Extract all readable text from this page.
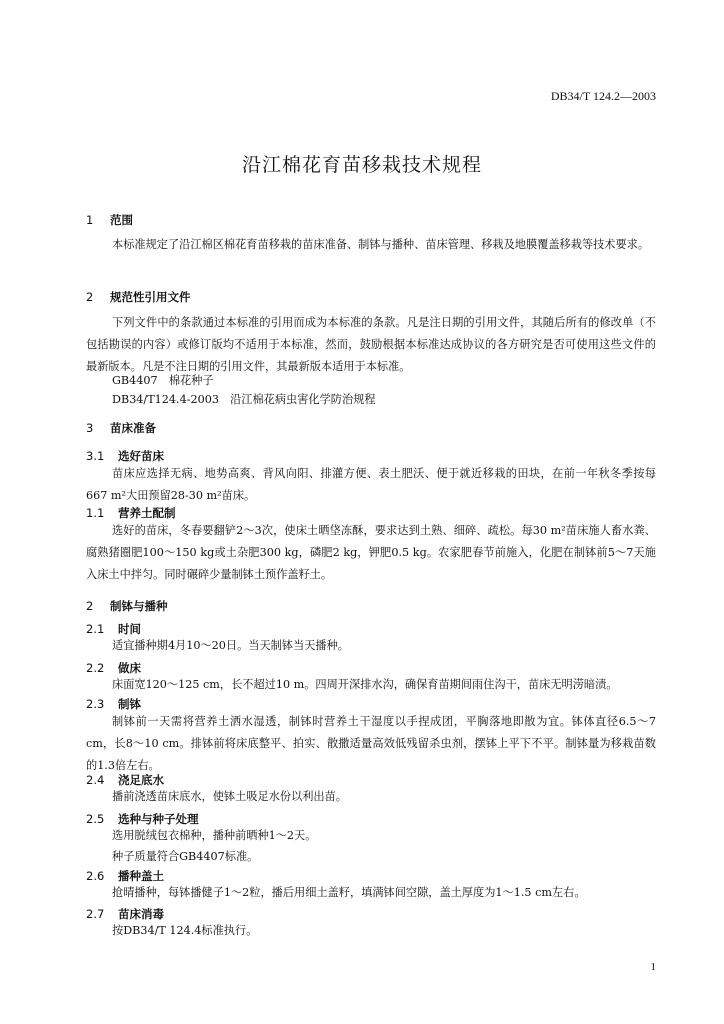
DB34/T 124.2—2003
沿江棉花育苗移栽技术规程
1 范围

本标准规定了沿江棉区棉花育苗移栽的苗床准备、制钵与播种、苗床管理、移栽及地膜覆盖移栽等技术要求。

2 规范性引用文件

下列文件中的条款通过本标准的引用而成为本标准的条款。凡是注日期的引用文件，其随后所有的修改单（不包括勘误的内容）或修订版均不适用于本标准，然而，鼓励根据本标准达成协议的各方研究是否可使用这些文件的最新版本。凡是不注日期的引用文件，其最新版本适用于本标准。

GB4407　棉花种子

DB34/T124.4-2003　沿江棉花病虫害化学防治规程

3 苗床准备
3.1 选好苗床

苗床应选择无病、地势高爽、背风向阳、排灌方便、表土肥沃、便于就近移栽的田块，在前一年秋冬季按每667 m²大田预留28-30 m²苗床。

1.1 营养土配制

选好的苗床，冬春要翻铲2～3次，使床土晒垡冻酥，要求达到土熟、细碎、疏松。每30 m²苗床施人畜水粪、腐熟猪圈肥100～150 kg或土杂肥300 kg，磷肥2 kg，钾肥0.5 kg。农家肥春节前施入，化肥在制钵前5～7天施入床土中拌匀。同时碾碎少量制钵土预作盖籽土。

2 制钵与播种
2.1 时间

适宜播种期4月10～20日。当天制钵当天播种。

2.2 做床

床面宽120～125 cm，长不超过10 m。四周开深排水沟，确保育苗期间雨住沟干，苗床无明涝暗渍。

2.3 制钵

制钵前一天需将营养土洒水湿透，制钵时营养土干湿度以手捏成团，平胸落地即散为宜。钵体直径6.5～7 cm，长8～10 cm。排钵前将床底整平、拍实、散撒适量高效低残留杀虫剂，摆钵上平下不平。制钵量为移栽苗数的1.3倍左右。

2.4 浇足底水

播前浇透苗床底水，使钵土吸足水份以利出苗。

2.5 选种与种子处理

选用脱绒包衣棉种，播种前晒种1～2天。

种子质量符合GB4407标准。

2.6 播种盖土

抢晴播种，每钵播健子1～2粒，播后用细土盖籽，填满钵间空隙，盖土厚度为1～1.5 cm左右。

2.7 苗床消毒

按DB34/T 124.4标准执行。

1
